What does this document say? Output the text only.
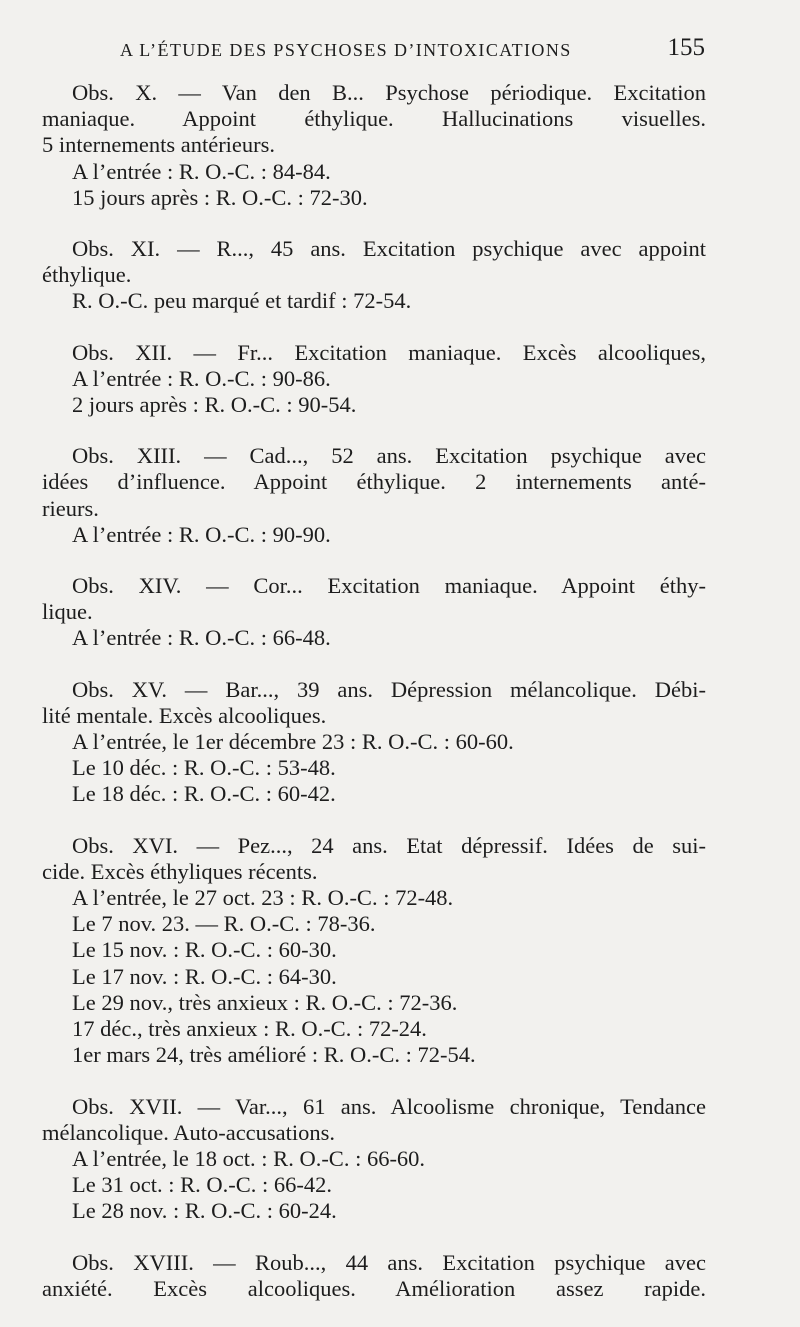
A L’ÉTUDE DES PSYCHOSES D’INTOXICATIONS	155
Obs. X. — Van den B... Psychose périodique. Excitation
maniaque. Appoint éthylique. Hallucinations visuelles.
5 internements antérieurs.
A l’entrée : R. O.-C. : 84-84.
15 jours après : R. O.-C. : 72-30.
Obs. XI. — R..., 45 ans. Excitation psychique avec appoint
éthylique.
R. O.-C. peu marqué et tardif : 72-54.
Obs. XII. — Fr... Excitation maniaque. Excès alcooliques,
A l’entrée : R. O.-C. : 90-86.
2 jours après : R. O.-C. : 90-54.
Obs. XIII. — Cad..., 52 ans. Excitation psychique avec
idées d’influence. Appoint éthylique. 2 internements anté-
rieurs.
A l’entrée : R. O.-C. : 90-90.
Obs. XIV. — Cor... Excitation maniaque. Appoint éthy-
lique.
A l’entrée : R. O.-C. : 66-48.
Obs. XV. — Bar..., 39 ans. Dépression mélancolique. Débi-
lité mentale. Excès alcooliques.
A l’entrée, le 1er décembre 23 : R. O.-C. : 60-60.
Le 10 déc. : R. O.-C. : 53-48.
Le 18 déc. : R. O.-C. : 60-42.
Obs. XVI. — Pez..., 24 ans. Etat dépressif. Idées de sui-
cide. Excès éthyliques récents.
A l’entrée, le 27 oct. 23 : R. O.-C. : 72-48.
Le 7 nov. 23. — R. O.-C. : 78-36.
Le 15 nov. : R. O.-C. : 60-30.
Le 17 nov. : R. O.-C. : 64-30.
Le 29 nov., très anxieux : R. O.-C. : 72-36.
17 déc., très anxieux : R. O.-C. : 72-24.
1er mars 24, très amélioré : R. O.-C. : 72-54.
Obs. XVII. — Var..., 61 ans. Alcoolisme chronique, Tendance
mélancolique. Auto-accusations.
A l’entrée, le 18 oct. : R. O.-C. : 66-60.
Le 31 oct. : R. O.-C. : 66-42.
Le 28 nov. : R. O.-C. : 60-24.
Obs. XVIII. — Roub..., 44 ans. Excitation psychique avec
anxiété. Excès alcooliques. Amélioration assez rapide.
